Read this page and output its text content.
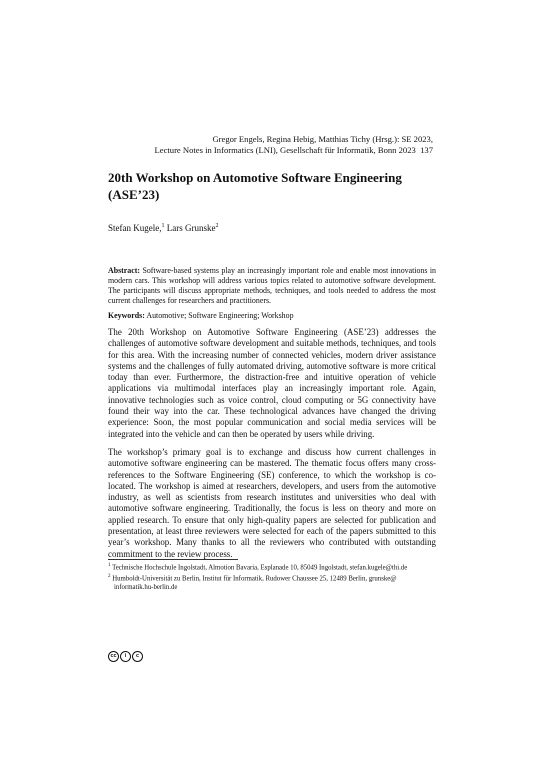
Gregor Engels, Regina Hebig, Matthias Tichy (Hrsg.): SE 2023,
Lecture Notes in Informatics (LNI), Gesellschaft für Informatik, Bonn 2023 137
20th Workshop on Automotive Software Engineering
(ASE’23)
Stefan Kugele,$^1$ Lars Grunske$^2$
Abstract: Software-based systems play an increasingly important role and enable most innovations in modern cars. This workshop will address various topics related to automotive software development. The participants will discuss appropriate methods, techniques, and tools needed to address the most current challenges for researchers and practitioners.
Keywords: Automotive; Software Engineering; Workshop
The 20th Workshop on Automotive Software Engineering (ASE’23) addresses the challenges of automotive software development and suitable methods, techniques, and tools for this area. With the increasing number of connected vehicles, modern driver assistance systems and the challenges of fully automated driving, automotive software is more critical today than ever. Furthermore, the distraction-free and intuitive operation of vehicle applications via multimodal interfaces play an increasingly important role. Again, innovative technologies such as voice control, cloud computing or 5G connectivity have found their way into the car. These technological advances have changed the driving experience: Soon, the most popular communication and social media services will be integrated into the vehicle and can then be operated by users while driving.
The workshop’s primary goal is to exchange and discuss how current challenges in automotive software engineering can be mastered. The thematic focus offers many cross-references to the Software Engineering (SE) conference, to which the workshop is co-located. The workshop is aimed at researchers, developers, and users from the automotive industry, as well as scientists from research institutes and universities who deal with automotive software engineering. Traditionally, the focus is less on theory and more on applied research. To ensure that only high-quality papers are selected for publication and presentation, at least three reviewers were selected for each of the papers submitted to this year’s workshop. Many thanks to all the reviewers who contributed with outstanding commitment to the review process.
$^1$ Technische Hochschule Ingolstadt, Almotion Bavaria, Esplanade 10, 85049 Ingolstadt, stefan.kugele@thi.de
$^2$ Humboldt-Universität zu Berlin, Institut für Informatik, Rudower Chaussee 25, 12489 Berlin, grunske@
informatik.hu-berlin.de
cc	i	c
